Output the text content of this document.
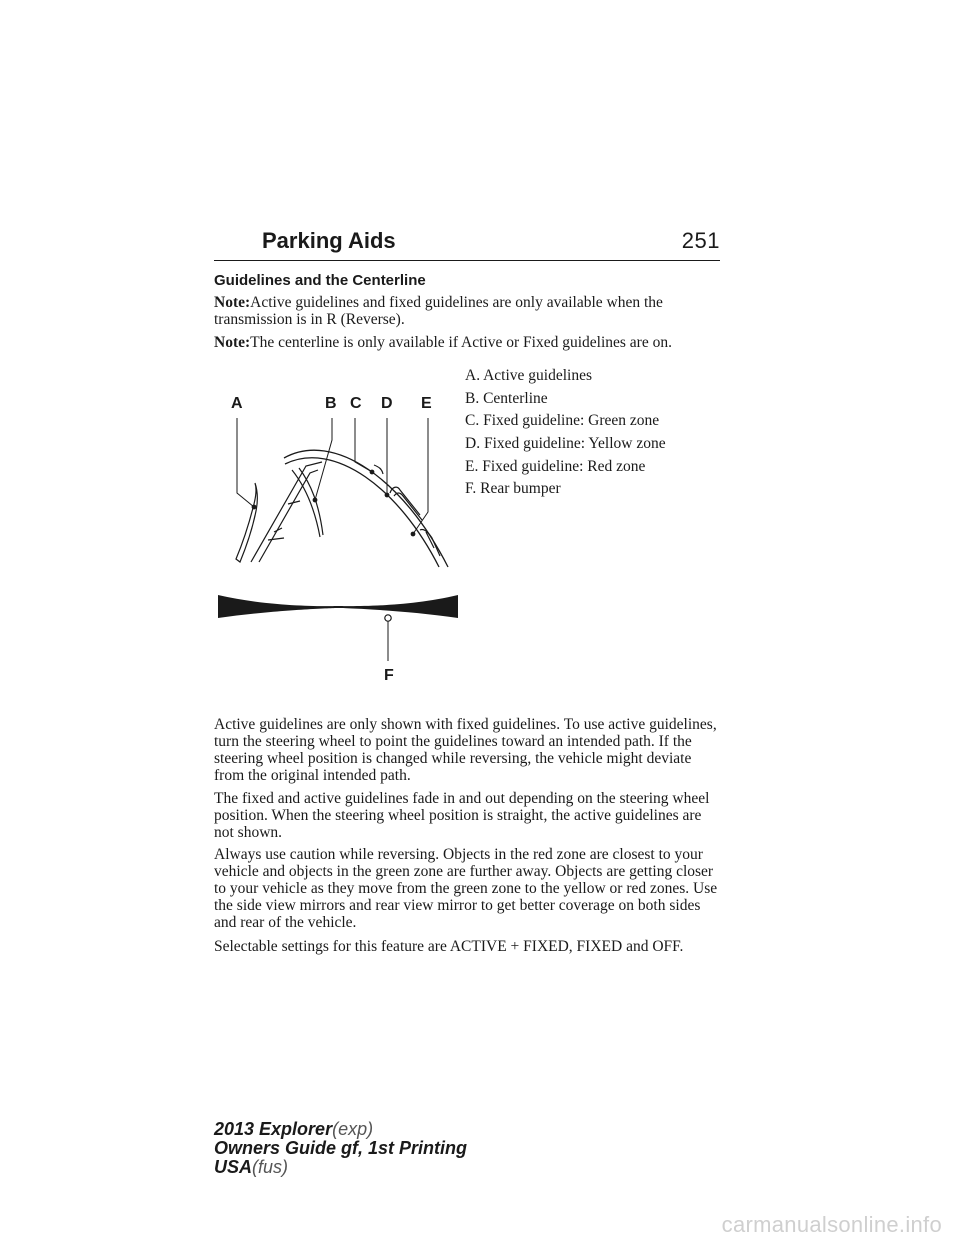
Parking Aids	251
Guidelines and the Centerline

Note:Active guidelines and fixed guidelines are only available when the transmission is in R (Reverse).

Note:The centerline is only available if Active or Fixed guidelines are on.

A	B C D E
F
A. Active guidelines
B. Centerline
C. Fixed guideline: Green zone
D. Fixed guideline: Yellow zone
E. Fixed guideline: Red zone
F. Rear bumper

Active guidelines are only shown with fixed guidelines. To use active guidelines, turn the steering wheel to point the guidelines toward an intended path. If the steering wheel position is changed while reversing, the vehicle might deviate from the original intended path.

The fixed and active guidelines fade in and out depending on the steering wheel position. When the steering wheel position is straight, the active guidelines are not shown.

Always use caution while reversing. Objects in the red zone are closest to your vehicle and objects in the green zone are further away. Objects are getting closer to your vehicle as they move from the green zone to the yellow or red zones. Use the side view mirrors and rear view mirror to get better coverage on both sides and rear of the vehicle.

Selectable settings for this feature are ACTIVE + FIXED, FIXED and OFF.

2013 Explorer(exp)
Owners Guide gf, 1st Printing
USA(fus)
carmanualsonline.info
